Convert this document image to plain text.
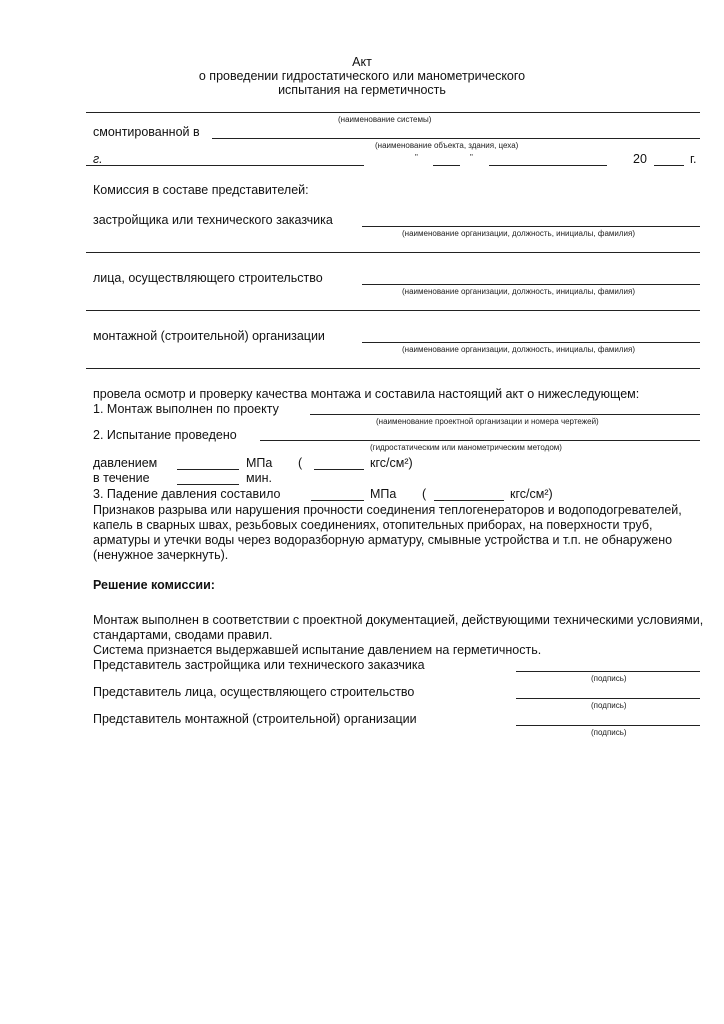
Акт
о проведении гидростатического или манометрического
испытания на герметичность
(наименование системы)
смонтированной в
(наименование объекта, здания, цеха)
г.	"	"	20	г.
Комиссия в составе представителей:
застройщика или технического заказчика
(наименование организации, должность, инициалы, фамилия)
лица, осуществляющего строительство
(наименование организации, должность, инициалы, фамилия)
монтажной (строительной) организации
(наименование организации, должность, инициалы, фамилия)
провела осмотр и проверку качества монтажа и составила настоящий акт о нижеследующем:
1. Монтаж выполнен по проекту
(наименование проектной организации и номера чертежей)
2. Испытание проведено
(гидростатическим или манометрическим методом)
давлением	МПа (	кгс/см²)
в течение	мин.
3. Падение давления составило	МПа (	кгс/см²)
Признаков разрыва или нарушения прочности соединения теплогенераторов и водоподогревателей,
капель в сварных швах, резьбовых соединениях, отопительных приборах, на поверхности труб,
арматуры и утечки воды через водоразборную арматуру, смывные устройства и т.п. не обнаружено
(ненужное зачеркнуть).
Решение комиссии:
Монтаж выполнен в соответствии с проектной документацией, действующими техническими условиями,
стандартами, сводами правил.
Система признается выдержавшей испытание давлением на герметичность.
Представитель застройщика или технического заказчика
(подпись)
Представитель лица, осуществляющего строительство
(подпись)
Представитель монтажной (строительной) организации
(подпись)
